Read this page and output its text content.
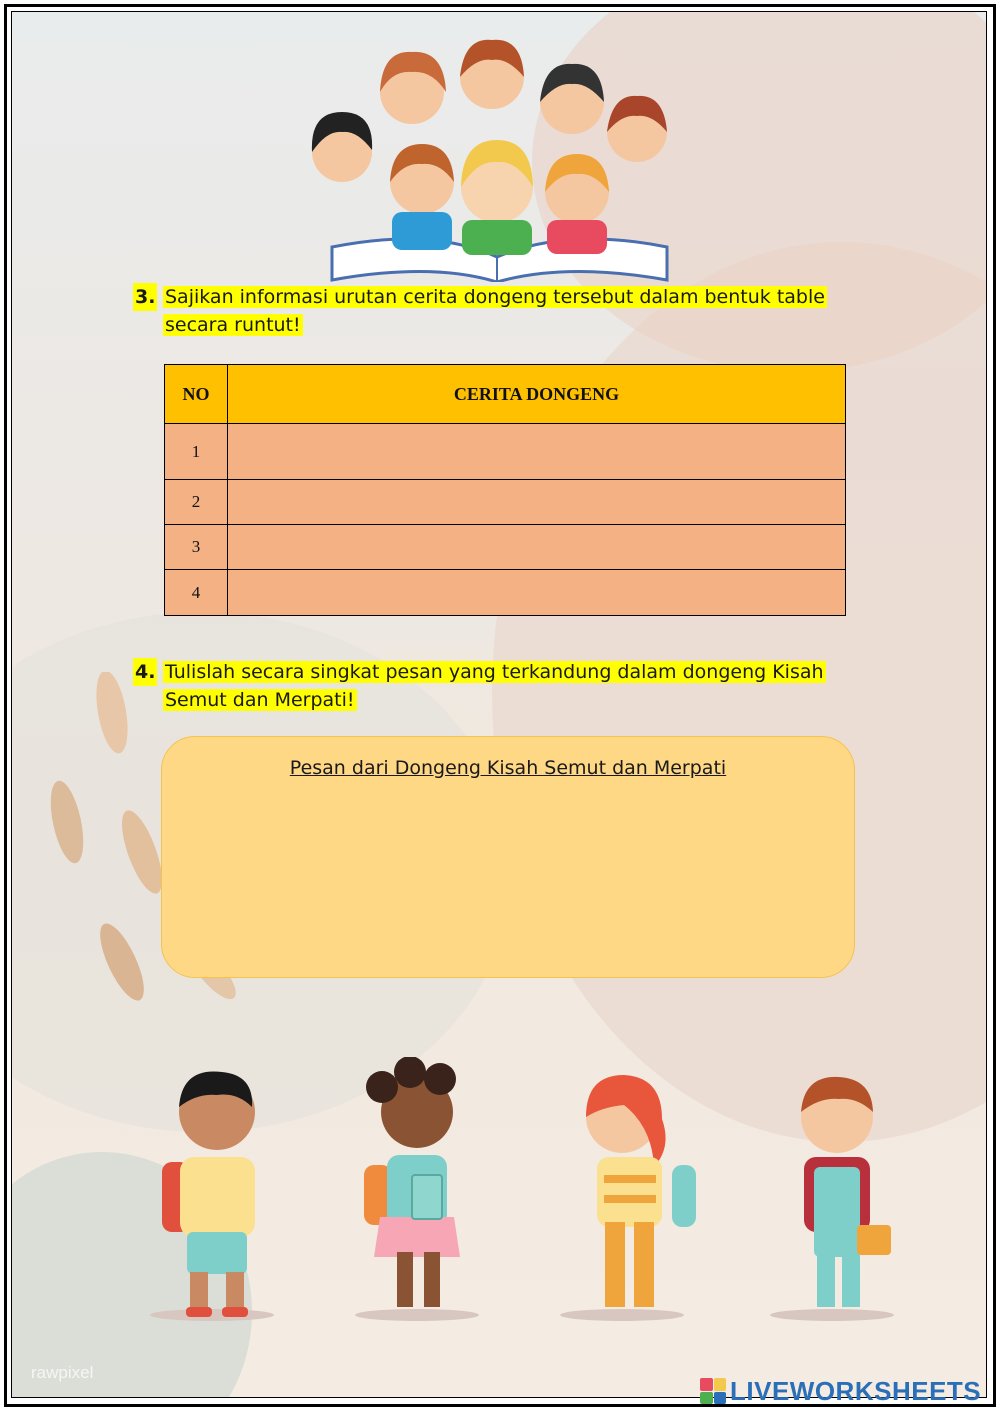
3. Sajikan informasi urutan cerita dongeng tersebut dalam bentuk table
secara runtut!
NO	CERITA DONGENG
1	
2	
3	
4	
4. Tulislah secara singkat pesan yang terkandung dalam dongeng Kisah
Semut dan Merpati!
Pesan dari Dongeng Kisah Semut dan Merpati
rawpixel
LIVEWORKSHEETS
